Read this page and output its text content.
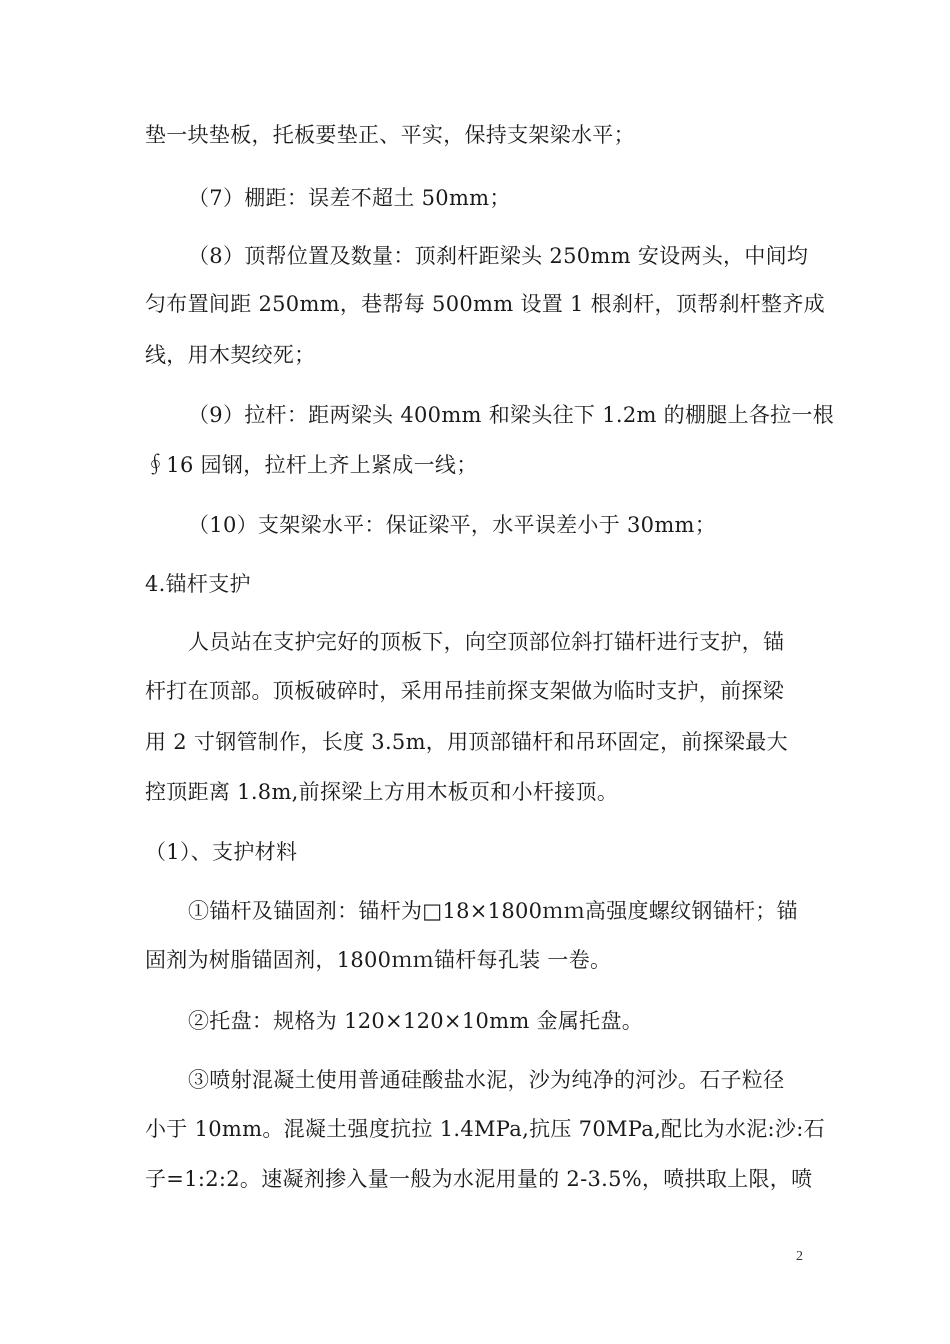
垫一块垫板，托板要垫正、平实，保持支架梁水平；
（7）棚距：误差不超土 50mm；
（8）顶帮位置及数量：顶刹杆距梁头 250mm 安设两头，中间均
匀布置间距 250mm，巷帮每 500mm 设置 1 根刹杆，顶帮刹杆整齐成
线，用木契绞死；
（9）拉杆：距两梁头 400mm 和梁头往下 1.2m 的棚腿上各拉一根
∮16 园钢，拉杆上齐上紧成一线；
（10）支架梁水平：保证梁平，水平误差小于 30mm；
4.锚杆支护
人员站在支护完好的顶板下，向空顶部位斜打锚杆进行支护，锚
杆打在顶部。顶板破碎时，采用吊挂前探支架做为临时支护，前探梁
用 2 寸钢管制作，长度 3.5m，用顶部锚杆和吊环固定，前探梁最大
控顶距离 1.8m,前探梁上方用木板页和小杆接顶。
（1）、支护材料
①锚杆及锚固剂：锚杆为□18×1800ｍｍ高强度螺纹钢锚杆；锚
固剂为树脂锚固剂，1800ｍｍ锚杆每孔装 一卷。
②托盘：规格为 120×120×10mm 金属托盘。
③喷射混凝土使用普通硅酸盐水泥，沙为纯净的河沙。石子粒径
小于 10mm。混凝土强度抗拉 1.4MPa,抗压 70MPa,配比为水泥:沙:石
子=1:2:2。速凝剂掺入量一般为水泥用量的 2-3.5%，喷拱取上限，喷
2
